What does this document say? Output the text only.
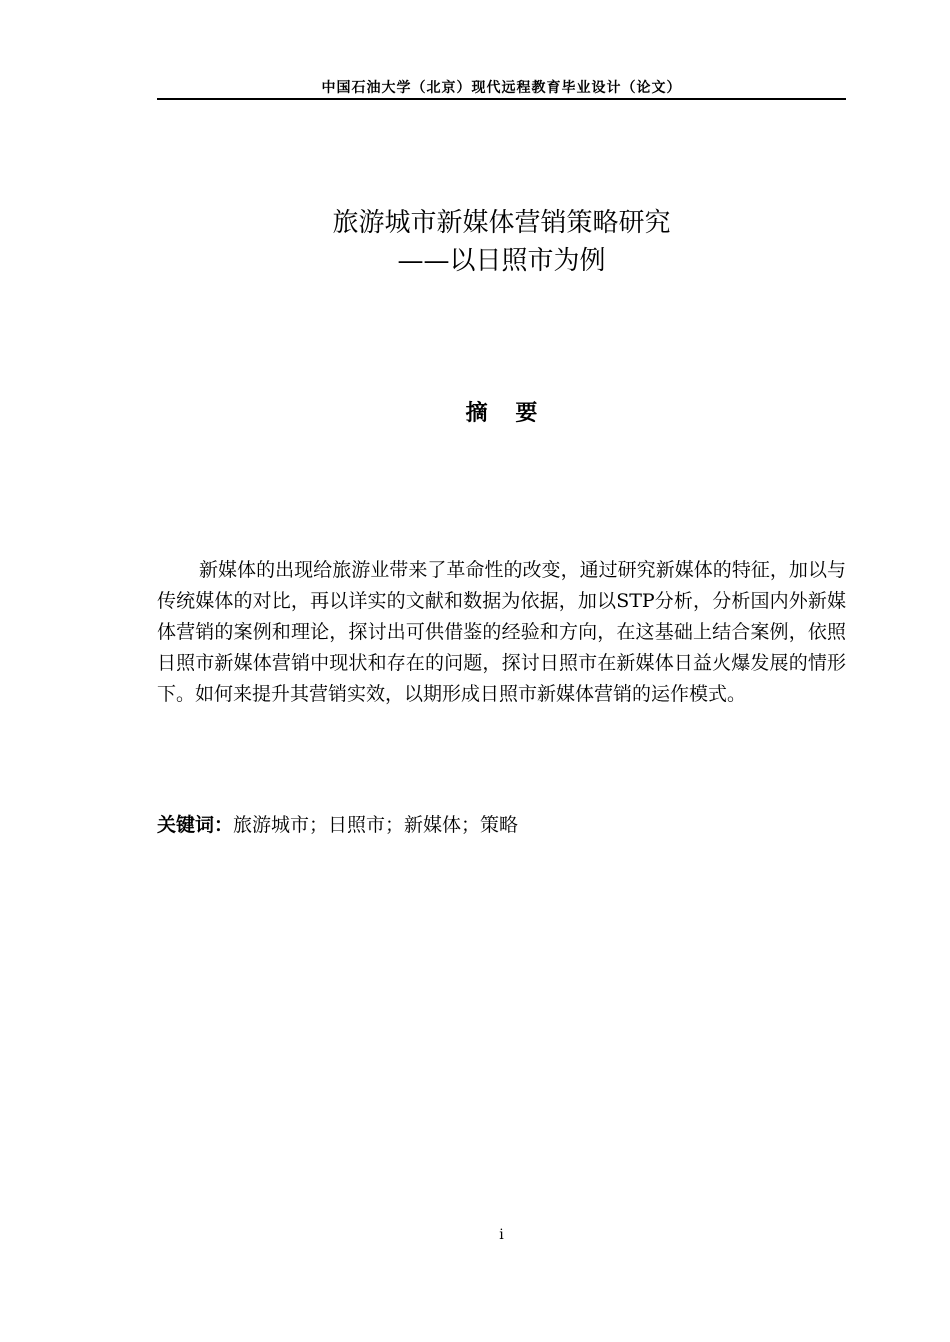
中国石油大学（北京）现代远程教育毕业设计（论文）
旅游城市新媒体营销策略研究
——以日照市为例
摘 要

新媒体的出现给旅游业带来了革命性的改变，通过研究新媒体的特征，加以与传统媒体的对比，再以详实的文献和数据为依据，加以STP分析，分析国内外新媒体营销的案例和理论，探讨出可供借鉴的经验和方向，在这基础上结合案例，依照日照市新媒体营销中现状和存在的问题，探讨日照市在新媒体日益火爆发展的情形下。如何来提升其营销实效，以期形成日照市新媒体营销的运作模式。

关键词：旅游城市；日照市；新媒体；策略
i
